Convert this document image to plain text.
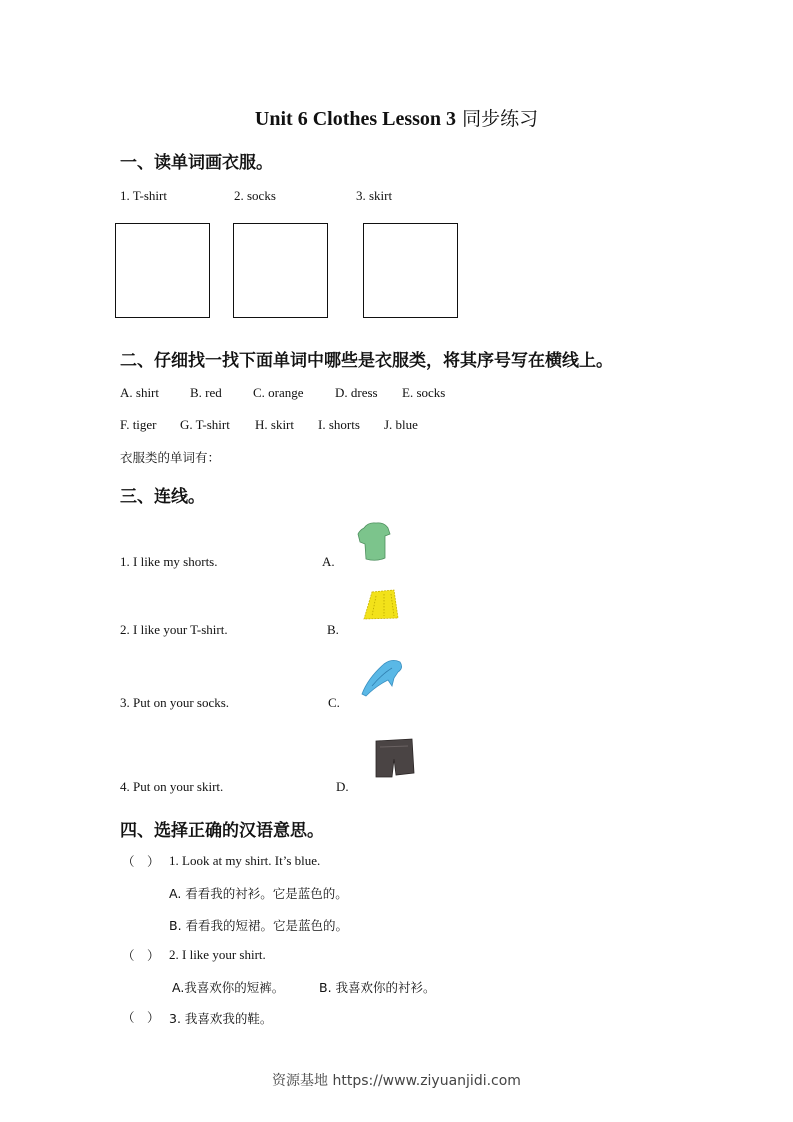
Unit 6 Clothes Lesson 3 同步练习
一、读单词画衣服。
1. T-shirt	2. socks	3. skirt
二、仔细找一找下面单词中哪些是衣服类，将其序号写在横线上。
A. shirt B. red C. orange D. dress E. socks
F. tiger G. T-shirt H. skirt I. shorts J. blue
衣服类的单词有：
三、连线。
1. I like my shorts.	A.
2. I like your T-shirt.	B.
3. Put on your socks.	C.
4. Put on your skirt.	D.
四、选择正确的汉语意思。
（　） 1. Look at my shirt. It’s blue.
A. 看看我的衬衫。它是蓝色的。
B. 看看我的短裙。它是蓝色的。
（　） 2. I like your shirt.
A.我喜欢你的短裤。	B. 我喜欢你的衬衫。
（　） 3. 我喜欢我的鞋。
资源基地 https://www.ziyuanjidi.com
